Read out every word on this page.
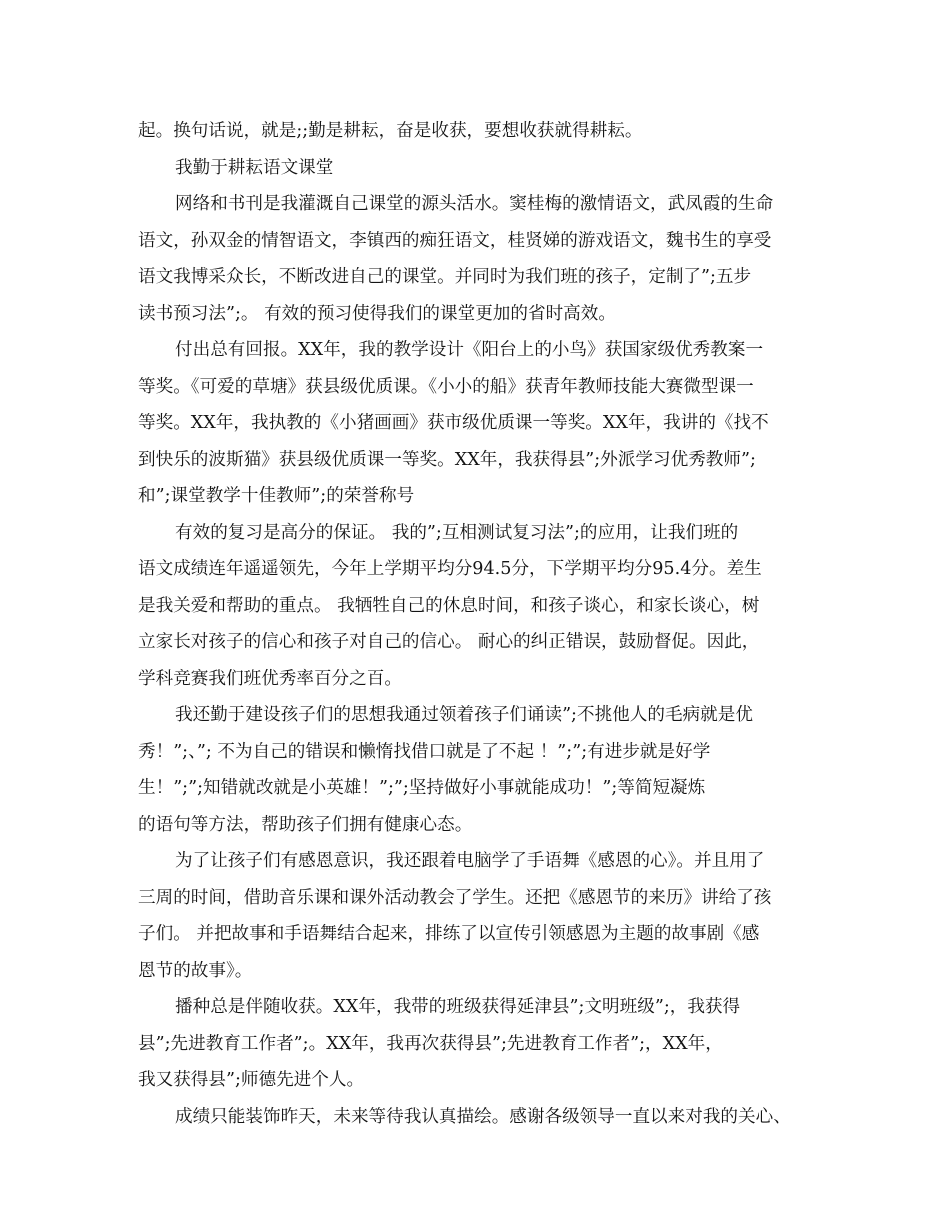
起。换句话说，就是;;勤是耕耘，奋是收获，要想收获就得耕耘。
我勤于耕耘语文课堂
网络和书刊是我灌溉自己课堂的源头活水。窦桂梅的激情语文，武凤霞的生命
语文，孙双金的情智语文，李镇西的痴狂语文，桂贤娣的游戏语文，魏书生的享受
语文我博采众长，不断改进自己的课堂。并同时为我们班的孩子，定制了”;五步
读书预习法”;。 有效的预习使得我们的课堂更加的省时高效。
付出总有回报。XX年，我的教学设计《阳台上的小鸟》获国家级优秀教案一
等奖。《可爱的草塘》获县级优质课。《小小的船》获青年教师技能大赛微型课一
等奖。XX年，我执教的《小猪画画》获市级优质课一等奖。XX年，我讲的《找不
到快乐的波斯猫》获县级优质课一等奖。XX年，我获得县”;外派学习优秀教师”;
和”;课堂教学十佳教师”;的荣誉称号
有效的复习是高分的保证。 我的”;互相测试复习法”;的应用，让我们班的
语文成绩连年遥遥领先，今年上学期平均分94.5分，下学期平均分95.4分。差生
是我关爱和帮助的重点。 我牺牲自己的休息时间，和孩子谈心，和家长谈心，树
立家长对孩子的信心和孩子对自己的信心。 耐心的纠正错误，鼓励督促。因此，
学科竞赛我们班优秀率百分之百。
我还勤于建设孩子们的思想我通过领着孩子们诵读”;不挑他人的毛病就是优
秀！”;、”; 不为自己的错误和懒惰找借口就是了不起 ！”;”;有进步就是好学
生！”;”;知错就改就是小英雄！”;”;坚持做好小事就能成功！”;等简短凝炼
的语句等方法，帮助孩子们拥有健康心态。
为了让孩子们有感恩意识，我还跟着电脑学了手语舞《感恩的心》。并且用了
三周的时间，借助音乐课和课外活动教会了学生。还把《感恩节的来历》讲给了孩
子们。 并把故事和手语舞结合起来，排练了以宣传引领感恩为主题的故事剧《感
恩节的故事》。
播种总是伴随收获。XX年，我带的班级获得延津县”;文明班级”;，我获得
县”;先进教育工作者”;。XX年，我再次获得县”;先进教育工作者”;，XX年，
我又获得县”;师德先进个人。
成绩只能装饰昨天，未来等待我认真描绘。感谢各级领导一直以来对我的关心、
